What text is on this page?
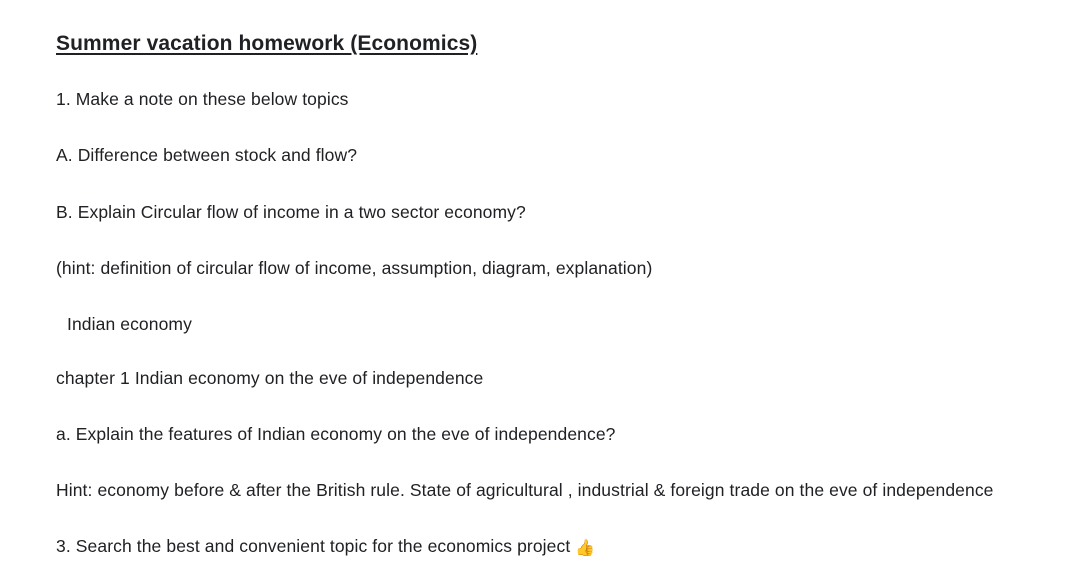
Summer vacation homework (Economics)

1. Make a note on these below topics

A. Difference between stock and flow?

B. Explain Circular flow of income in a two sector economy?

(hint: definition of circular flow of income, assumption, diagram, explanation)

Indian economy

chapter 1 Indian economy on the eve of independence

a. Explain the features of Indian economy on the eve of independence?

Hint: economy before & after the British rule. State of agricultural , industrial & foreign trade on the eve of independence

3. Search the best and convenient topic for the economics project 👍
